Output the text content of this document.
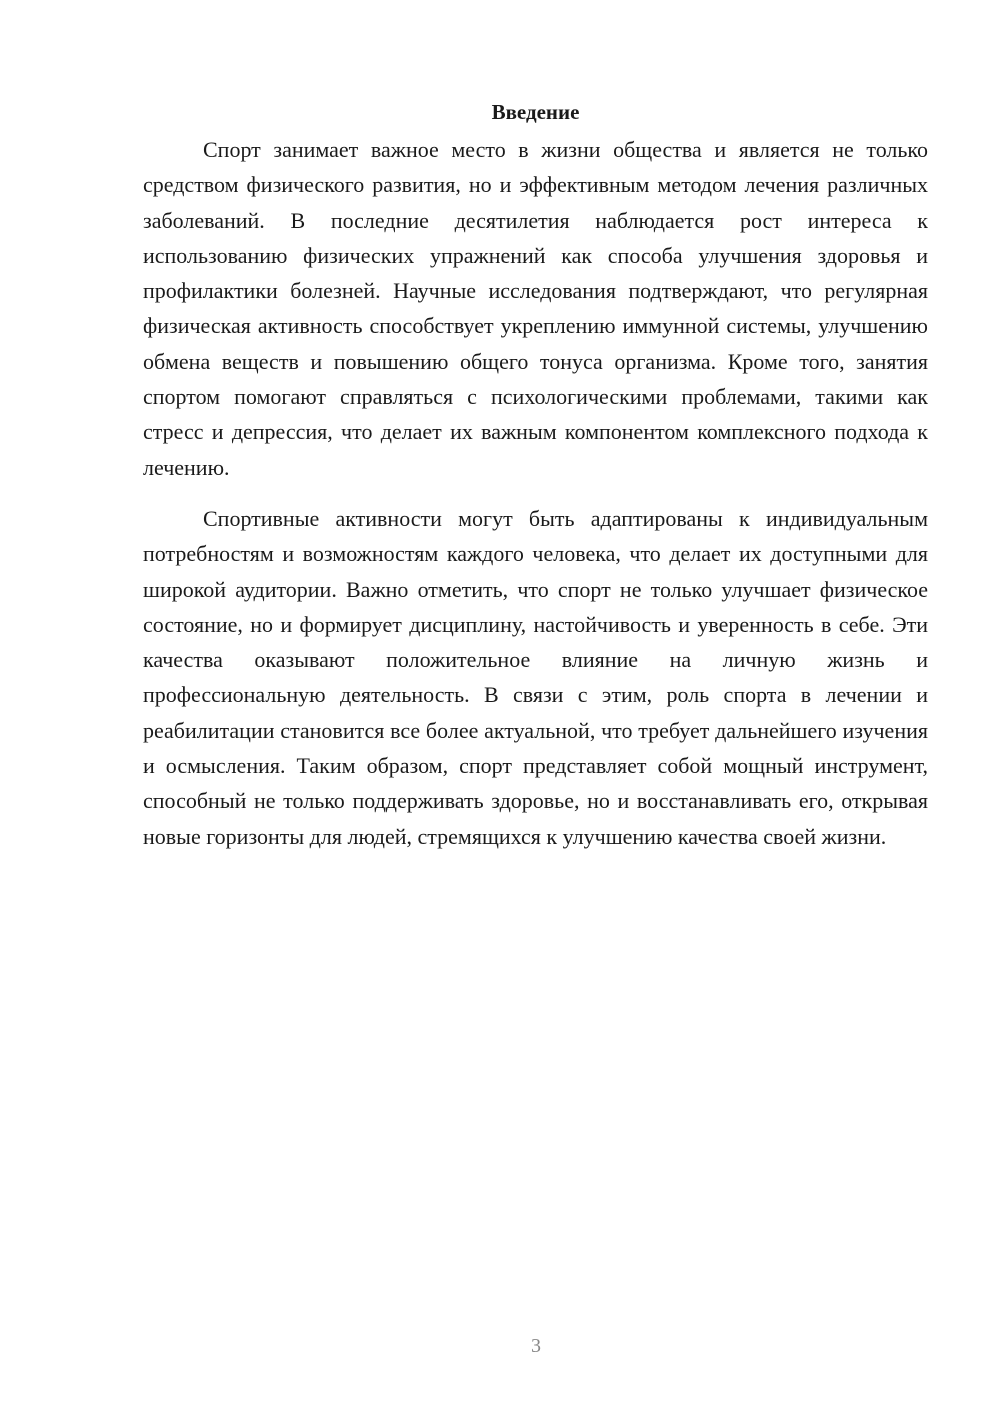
Введение

Спорт занимает важное место в жизни общества и является не только средством физического развития, но и эффективным методом лечения различных заболеваний. В последние десятилетия наблюдается рост интереса к использованию физических упражнений как способа улучшения здоровья и профилактики болезней. Научные исследования подтверждают, что регулярная физическая активность способствует укреплению иммунной системы, улучшению обмена веществ и повышению общего тонуса организма. Кроме того, занятия спортом помогают справляться с психологическими проблемами, такими как стресс и депрессия, что делает их важным компонентом комплексного подхода к лечению.

Спортивные активности могут быть адаптированы к индивидуальным потребностям и возможностям каждого человека, что делает их доступными для широкой аудитории. Важно отметить, что спорт не только улучшает физическое состояние, но и формирует дисциплину, настойчивость и уверенность в себе. Эти качества оказывают положительное влияние на личную жизнь и профессиональную деятельность. В связи с этим, роль спорта в лечении и реабилитации становится все более актуальной, что требует дальнейшего изучения и осмысления. Таким образом, спорт представляет собой мощный инструмент, способный не только поддерживать здоровье, но и восстанавливать его, открывая новые горизонты для людей, стремящихся к улучшению качества своей жизни.

3
